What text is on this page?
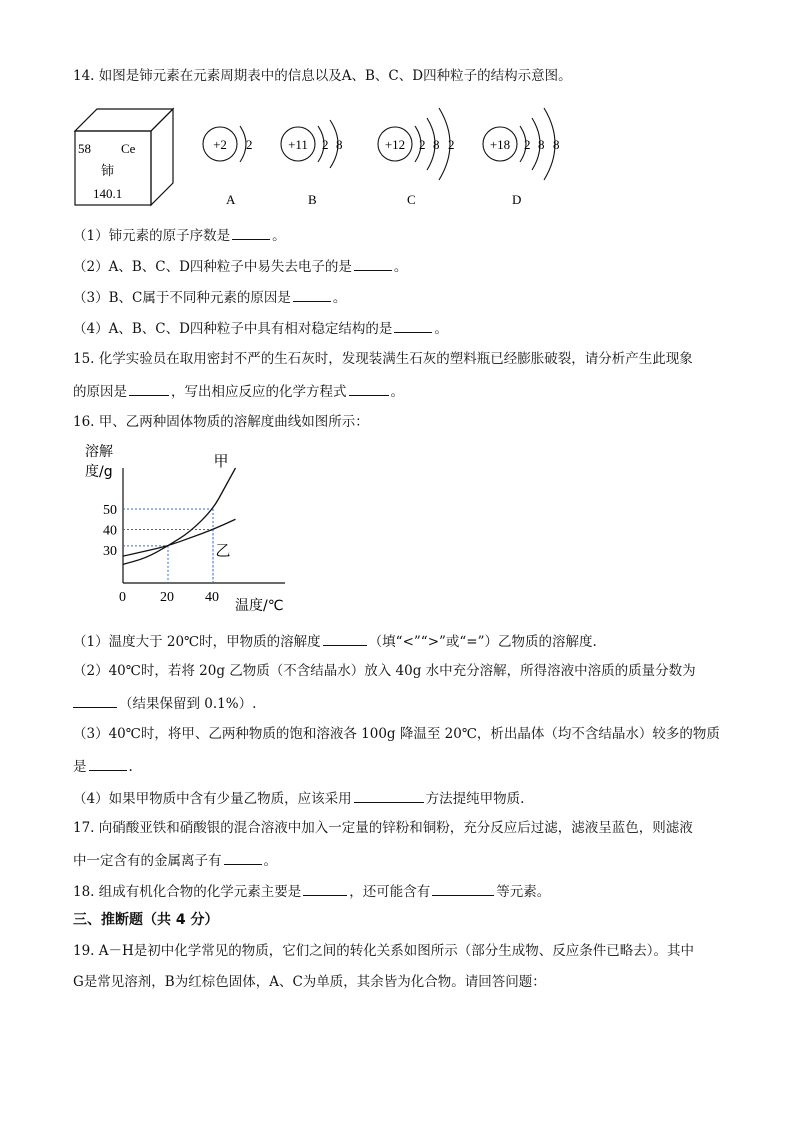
14. 如图是铈元素在元素周期表中的信息以及A、B、C、D四种粒子的结构示意图。
58 Ce
铈
140.1
+2 2
A
+11 2 8
B
+12 2 8 2
C
+18 2 8 8
D
（1）铈元素的原子序数是	。
（2）A、B、C、D四种粒子中易失去电子的是	。
（3）B、C属于不同种元素的原因是	。
（4）A、B、C、D四种粒子中具有相对稳定结构的是	。
15. 化学实验员在取用密封不严的生石灰时，发现装满生石灰的塑料瓶已经膨胀破裂，请分析产生此现象
的原因是	，写出相应反应的化学方程式	。
16. 甲、乙两种固体物质的溶解度曲线如图所示：
溶解
度/g
温度/℃
甲
乙
30
40
50
0 20 40
（1）温度大于 20℃时，甲物质的溶解度	（填“<”“>”或“=”）乙物质的溶解度.
（2）40℃时，若将 20g 乙物质（不含结晶水）放入 40g 水中充分溶解，所得溶液中溶质的质量分数为
（结果保留到 0.1%）.
（3）40℃时，将甲、乙两种物质的饱和溶液各 100g 降温至 20℃，析出晶体（均不含结晶水）较多的物质
是	.
（4）如果甲物质中含有少量乙物质，应该采用	方法提纯甲物质.
17. 向硝酸亚铁和硝酸银的混合溶液中加入一定量的锌粉和铜粉，充分反应后过滤，滤液呈蓝色，则滤液
中一定含有的金属离子有	。
18. 组成有机化合物的化学元素主要是	，还可能含有	等元素。
三、推断题（共 4 分）
19. A－H是初中化学常见的物质，它们之间的转化关系如图所示（部分生成物、反应条件已略去）。其中
G是常见溶剂，B为红棕色固体，A、C为单质，其余皆为化合物。请回答问题：
